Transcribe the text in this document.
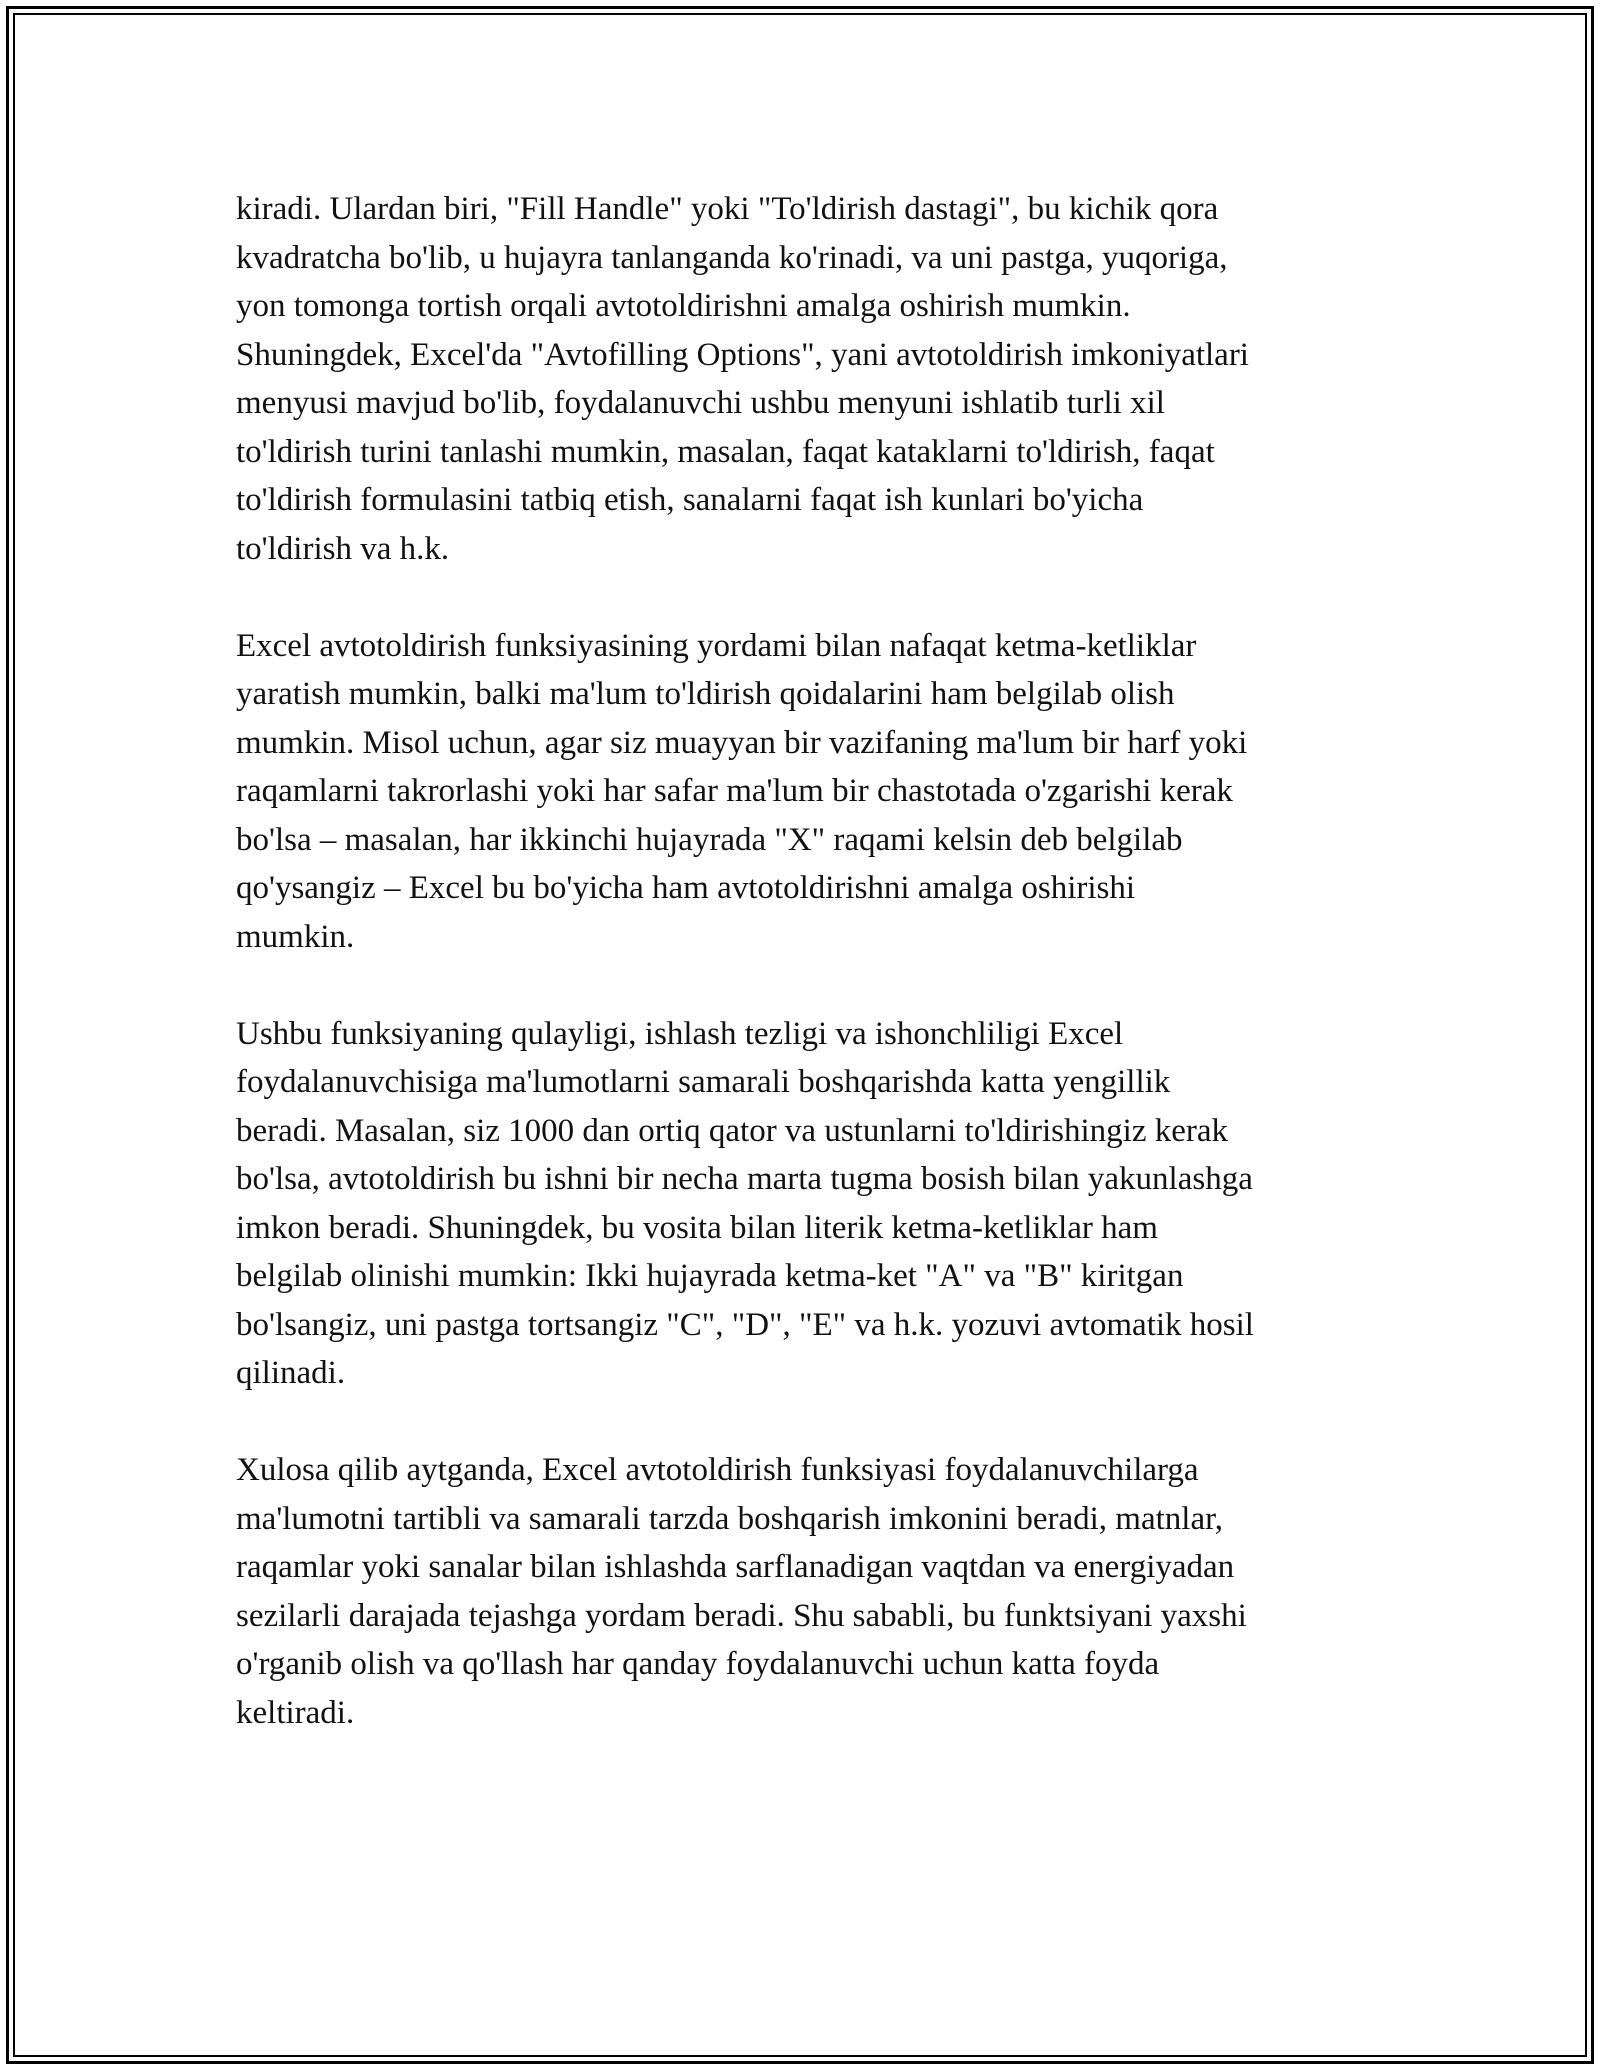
kiradi. Ulardan biri, "Fill Handle" yoki "To'ldirish dastagi", bu kichik qora
kvadratcha bo'lib, u hujayra tanlanganda ko'rinadi, va uni pastga, yuqoriga,
yon tomonga tortish orqali avtotoldirishni amalga oshirish mumkin.
Shuningdek, Excel'da "Avtofilling Options", yani avtotoldirish imkoniyatlari
menyusi mavjud bo'lib, foydalanuvchi ushbu menyuni ishlatib turli xil
to'ldirish turini tanlashi mumkin, masalan, faqat kataklarni to'ldirish, faqat
to'ldirish formulasini tatbiq etish, sanalarni faqat ish kunlari bo'yicha
to'ldirish va h.k.

Excel avtotoldirish funksiyasining yordami bilan nafaqat ketma-ketliklar
yaratish mumkin, balki ma'lum to'ldirish qoidalarini ham belgilab olish
mumkin. Misol uchun, agar siz muayyan bir vazifaning ma'lum bir harf yoki
raqamlarni takrorlashi yoki har safar ma'lum bir chastotada o'zgarishi kerak
bo'lsa – masalan, har ikkinchi hujayrada "X" raqami kelsin deb belgilab
qo'ysangiz – Excel bu bo'yicha ham avtotoldirishni amalga oshirishi
mumkin.

Ushbu funksiyaning qulayligi, ishlash tezligi va ishonchliligi Excel
foydalanuvchisiga ma'lumotlarni samarali boshqarishda katta yengillik
beradi. Masalan, siz 1000 dan ortiq qator va ustunlarni to'ldirishingiz kerak
bo'lsa, avtotoldirish bu ishni bir necha marta tugma bosish bilan yakunlashga
imkon beradi. Shuningdek, bu vosita bilan literik ketma-ketliklar ham
belgilab olinishi mumkin: Ikki hujayrada ketma-ket "A" va "B" kiritgan
bo'lsangiz, uni pastga tortsangiz "C", "D", "E" va h.k. yozuvi avtomatik hosil
qilinadi.

Xulosa qilib aytganda, Excel avtotoldirish funksiyasi foydalanuvchilarga
ma'lumotni tartibli va samarali tarzda boshqarish imkonini beradi, matnlar,
raqamlar yoki sanalar bilan ishlashda sarflanadigan vaqtdan va energiyadan
sezilarli darajada tejashga yordam beradi. Shu sababli, bu funktsiyani yaxshi
o'rganib olish va qo'llash har qanday foydalanuvchi uchun katta foyda
keltiradi.
